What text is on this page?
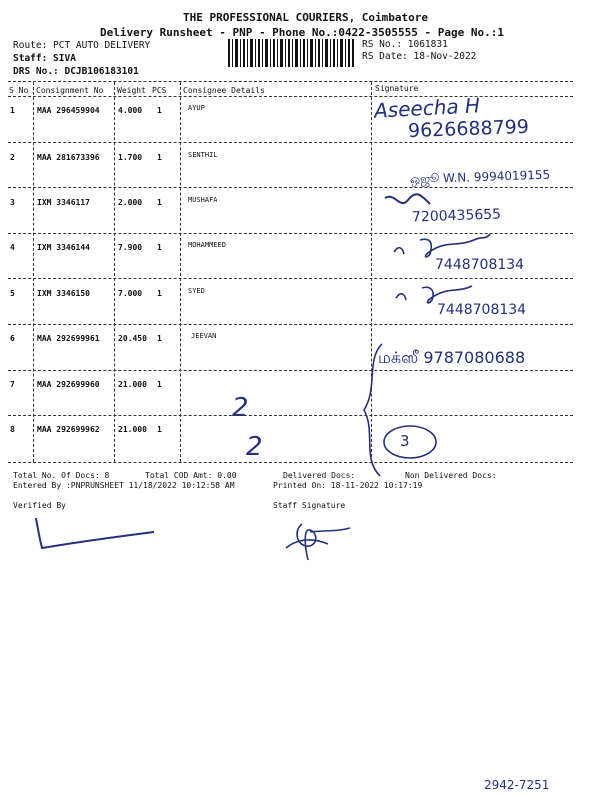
THE PROFESSIONAL COURIERS, Coimbatore
Delivery Runsheet - PNP - Phone No.:0422-3505555 - Page No.:1
Route: PCT AUTO DELIVERY
Staff: SIVA
DRS No.: DCJB106183101
RS No.: 1061831
RS Date: 18-Nov-2022
S No Consignment No Weight PCS Consignee Details	Signature
1	MAA 296459904 4.000 1	AYUP
2	MAA 281673396 1.700 1	SENTHIL
3	IXM 3346117	2.000 1	MUSHAFA
4	IXM 3346144	7.900 1	MOHAMMEED
5	IXM 3346150	7.000 1	SYED
6	MAA 292699961 20.450 1	JEEVAN
7	MAA 292699960 21.000 1
8	MAA 292699962 21.000 1
Aseecha H
9626688799
ஒஜூ W.N. 9994019155
7200435655
7448708134
7448708134
மக்ஸீ 9787080688
3
2
2
Total No. Of Docs: 8	Total COD Amt: 0.00	Delivered Docs:	Non Delivered Docs:
Entered By :PNPRUNSHEET 11/18/2022 10:12:58 AM	Printed On: 18-11-2022 10:17:19
Verified By	Staff Signature
2942-7251
